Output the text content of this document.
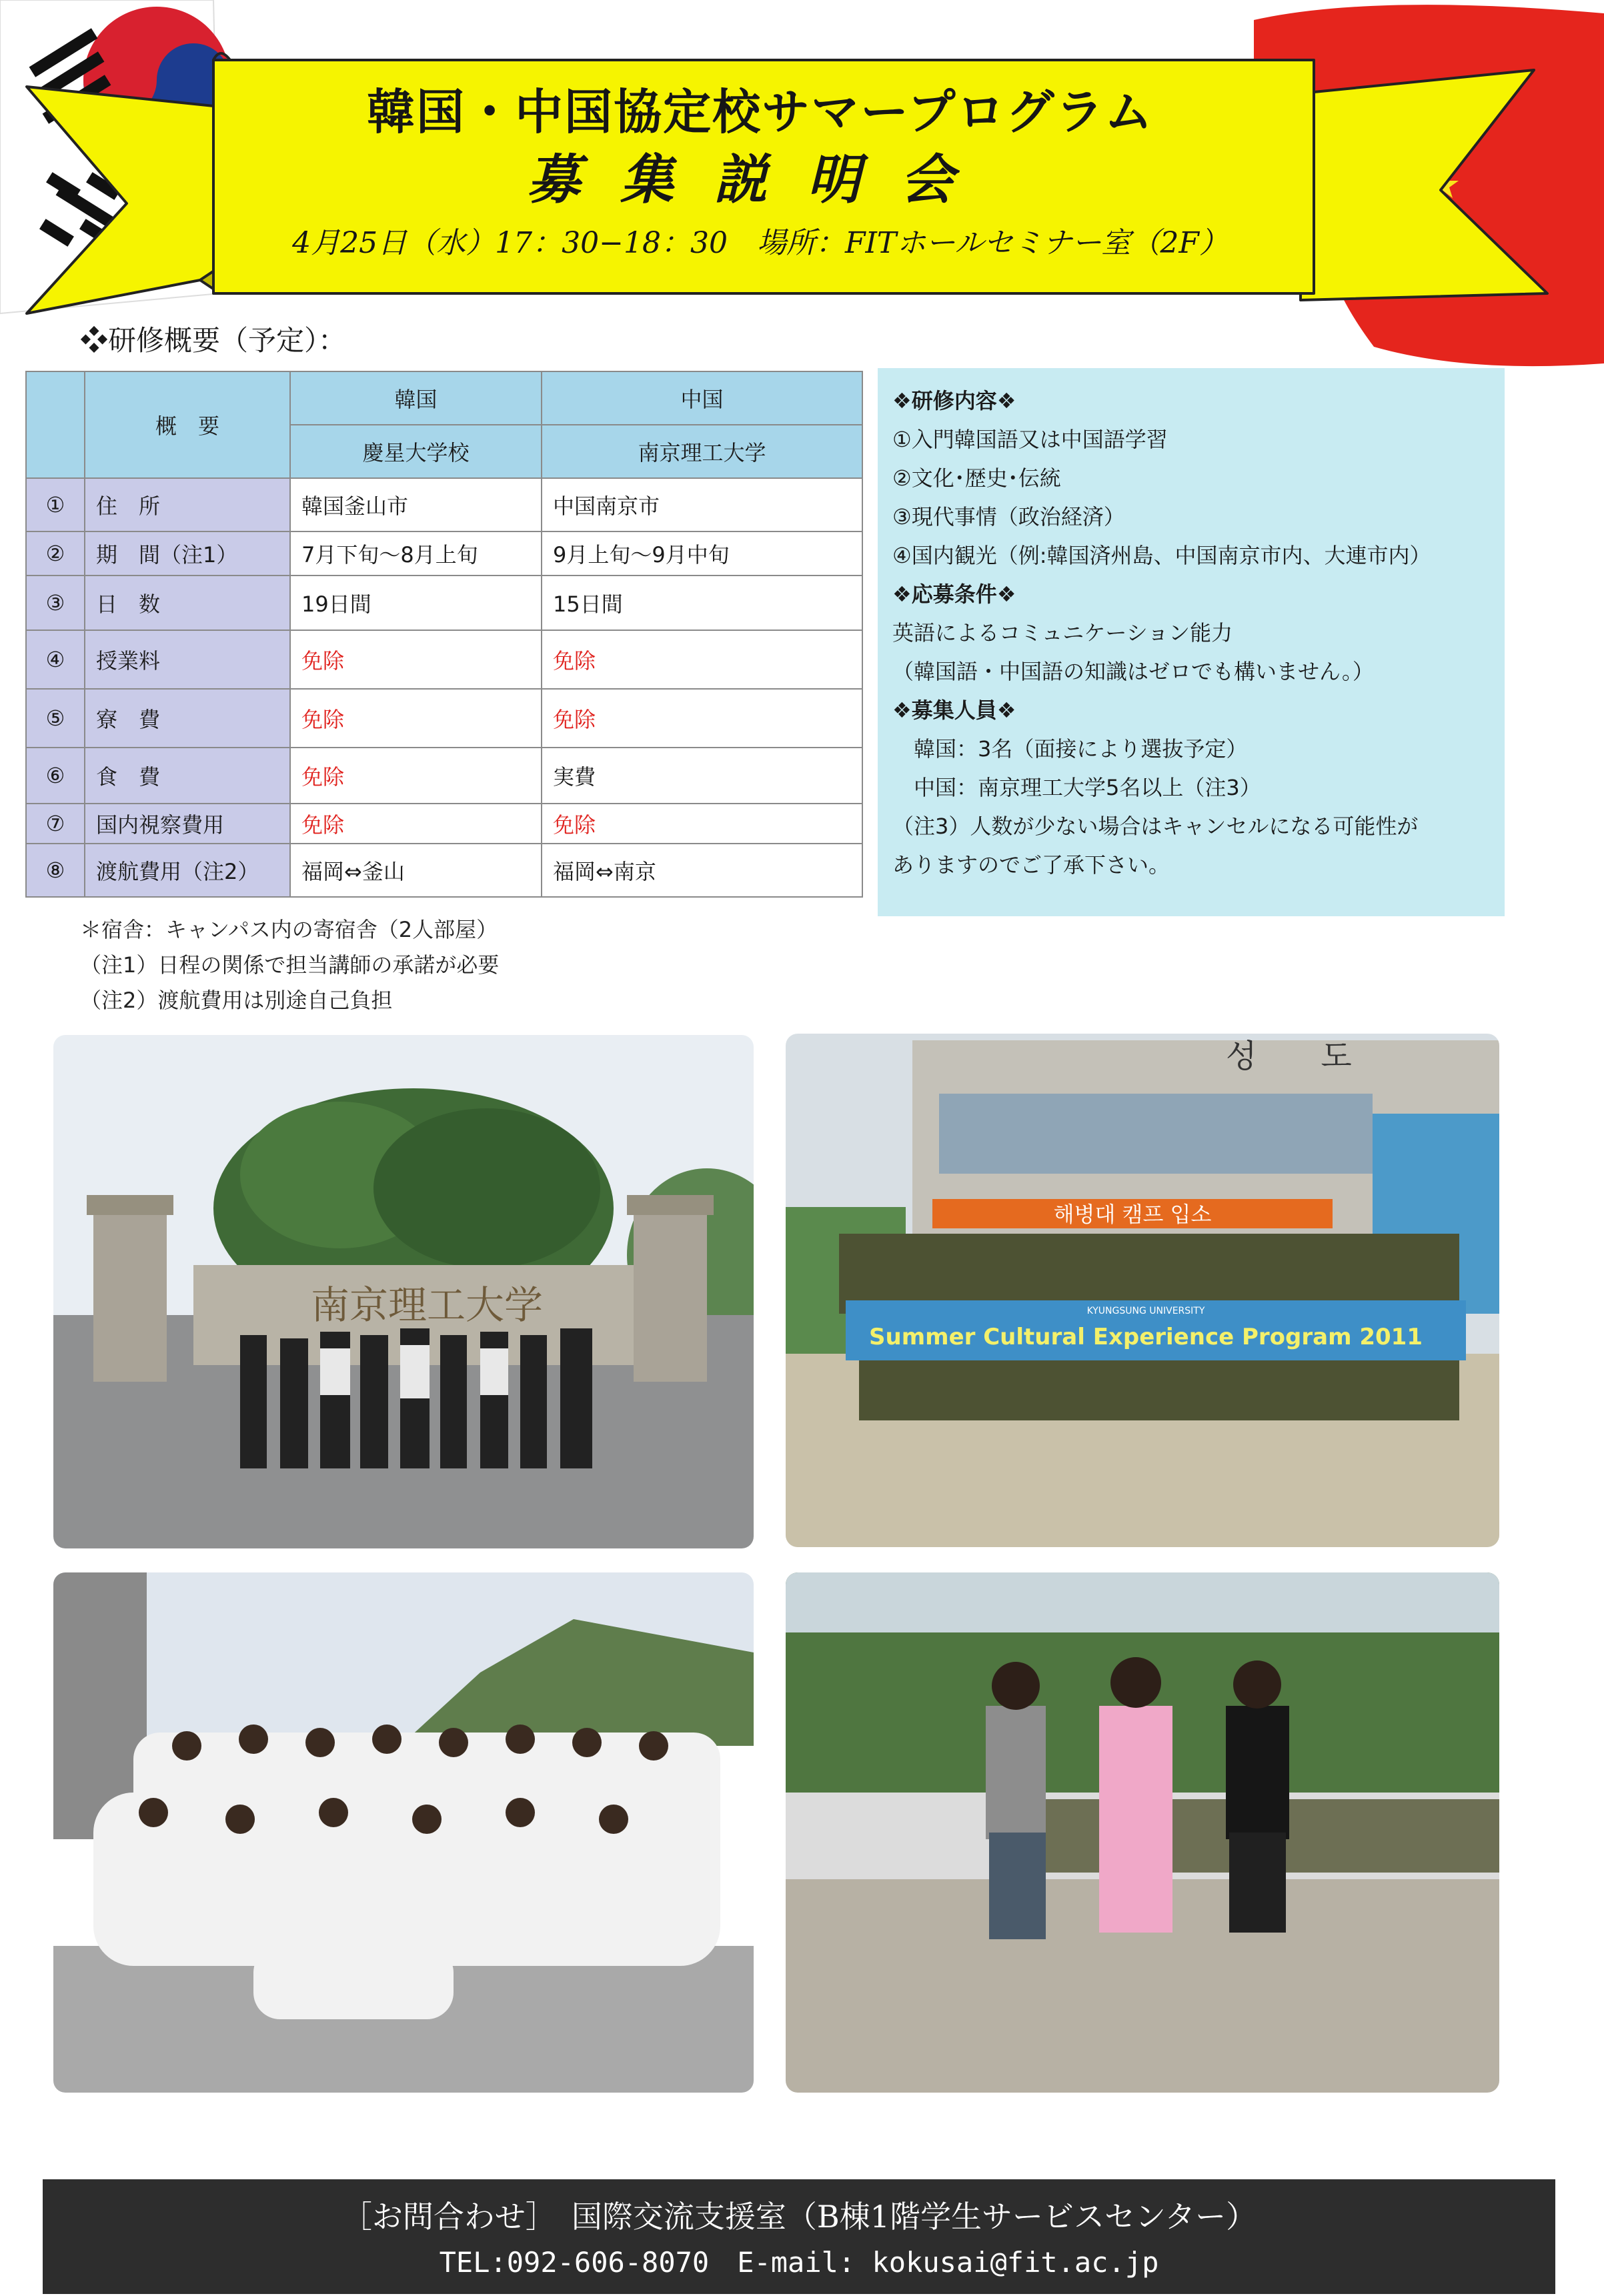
韓国・中国協定校サマープログラム
募集説明会
4月25日（水）17：30−18：30　場所：FITホールセミナー室（2F）
❖研修概要（予定）：
	概　要	韓国	中国
		慶星大学校	南京理工大学
①	住　所	韓国釜山市	中国南京市
②	期　間（注1）	7月下旬〜8月上旬	9月上旬〜9月中旬
③	日　数	19日間	15日間
④	授業料	免除	免除
⑤	寮　費	免除	免除
⑥	食　費	免除	実費
⑦	国内視察費用	免除	免除
⑧	渡航費用（注2）	福岡⇔釜山	福岡⇔南京
❖研修内容❖
①入門韓国語又は中国語学習
②文化･歴史･伝統
③現代事情（政治経済）
④国内観光（例:韓国済州島、中国南京市内、大連市内）
❖応募条件❖
英語によるコミュニケーション能力
（韓国語・中国語の知識はゼロでも構いません。）
❖募集人員❖
　韓国：3名（面接により選抜予定）
　中国：南京理工大学5名以上（注3）
（注3）人数が少ない場合はキャンセルになる可能性が
ありますのでご了承下さい。
＊宿舎：キャンパス内の寄宿舎（2人部屋）
（注1）日程の関係で担当講師の承諾が必要
（注2）渡航費用は別途自己負担
南京理工大学
성　　도
해병대 캠프 입소
KYUNGSUNG UNIVERSITY
Summer Cultural Experience Program 2011
［お問合わせ］　国際交流支援室（B棟1階学生サービスセンター）
TEL:092-606-8070　E-mail: kokusai@fit.ac.jp
